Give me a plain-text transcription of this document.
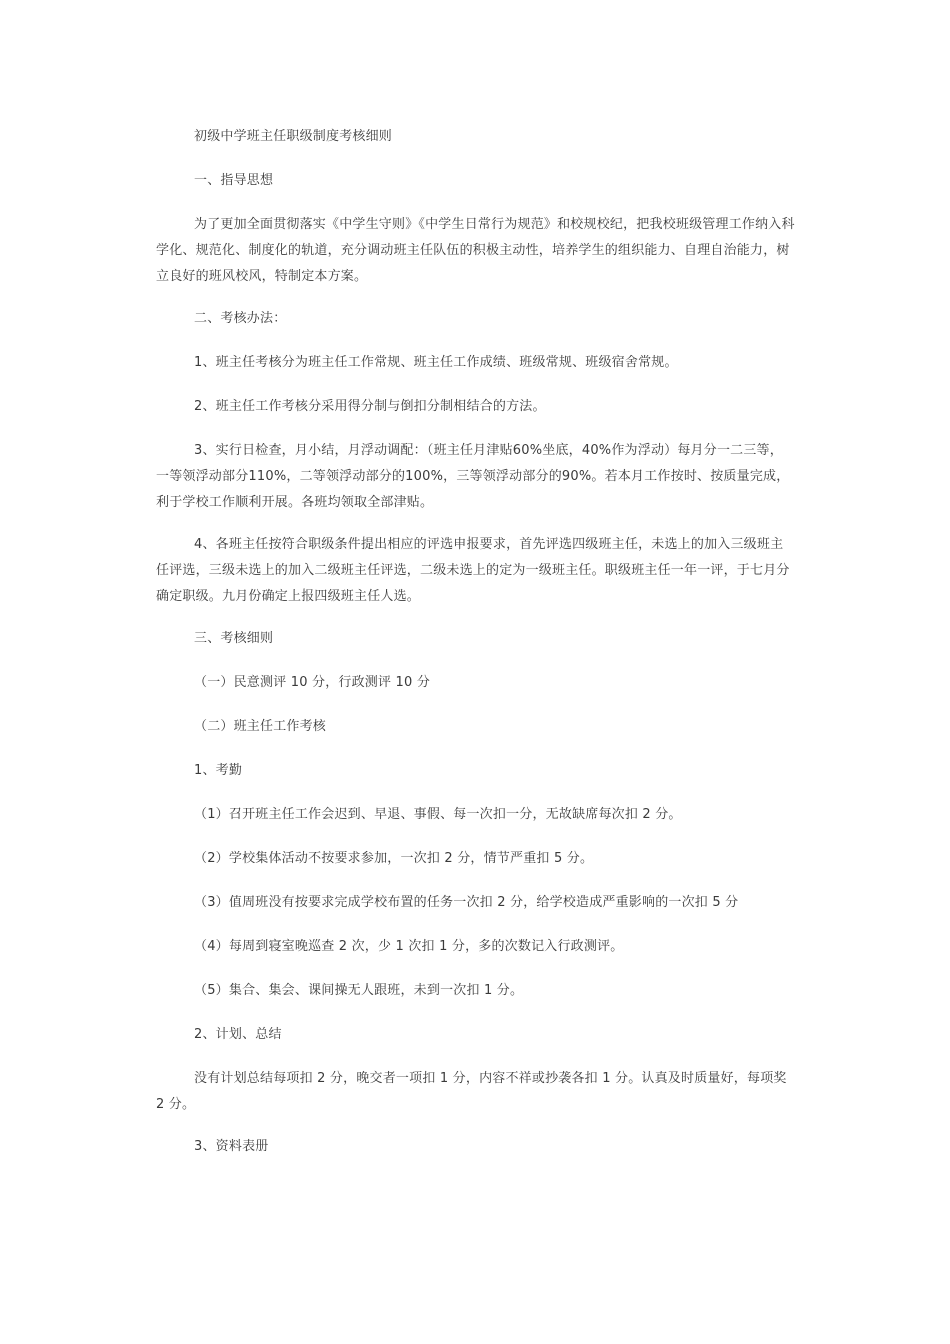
初级中学班主任职级制度考核细则

一、指导思想

为了更加全面贯彻落实《中学生守则》《中学生日常行为规范》和校规校纪，把我校班级管理工作纳入科学化、规范化、制度化的轨道，充分调动班主任队伍的积极主动性，培养学生的组织能力、自理自治能力，树立良好的班风校风，特制定本方案。

二、考核办法：

1、班主任考核分为班主任工作常规、班主任工作成绩、班级常规、班级宿舍常规。

2、班主任工作考核分采用得分制与倒扣分制相结合的方法。

3、实行日检查，月小结，月浮动调配：（班主任月津贴60%坐底，40%作为浮动）每月分一二三等，一等领浮动部分110%，二等领浮动部分的100%，三等领浮动部分的90%。若本月工作按时、按质量完成，利于学校工作顺利开展。各班均领取全部津贴。

4、各班主任按符合职级条件提出相应的评选申报要求，首先评选四级班主任，未选上的加入三级班主任评选，三级未选上的加入二级班主任评选，二级未选上的定为一级班主任。职级班主任一年一评，于七月分确定职级。九月份确定上报四级班主任人选。

三、考核细则

（一）民意测评 10 分，行政测评 10 分

（二）班主任工作考核

1、考勤

（1）召开班主任工作会迟到、早退、事假、每一次扣一分，无故缺席每次扣 2 分。

（2）学校集体活动不按要求参加，一次扣 2 分，情节严重扣 5 分。

（3）值周班没有按要求完成学校布置的任务一次扣 2 分，给学校造成严重影响的一次扣 5 分

（4）每周到寝室晚巡查 2 次，少 1 次扣 1 分，多的次数记入行政测评。

（5）集合、集会、课间操无人跟班，未到一次扣 1 分。

2、计划、总结

没有计划总结每项扣 2 分，晚交者一项扣 1 分，内容不祥或抄袭各扣 1 分。认真及时质量好，每项奖 2 分。

3、资料表册
